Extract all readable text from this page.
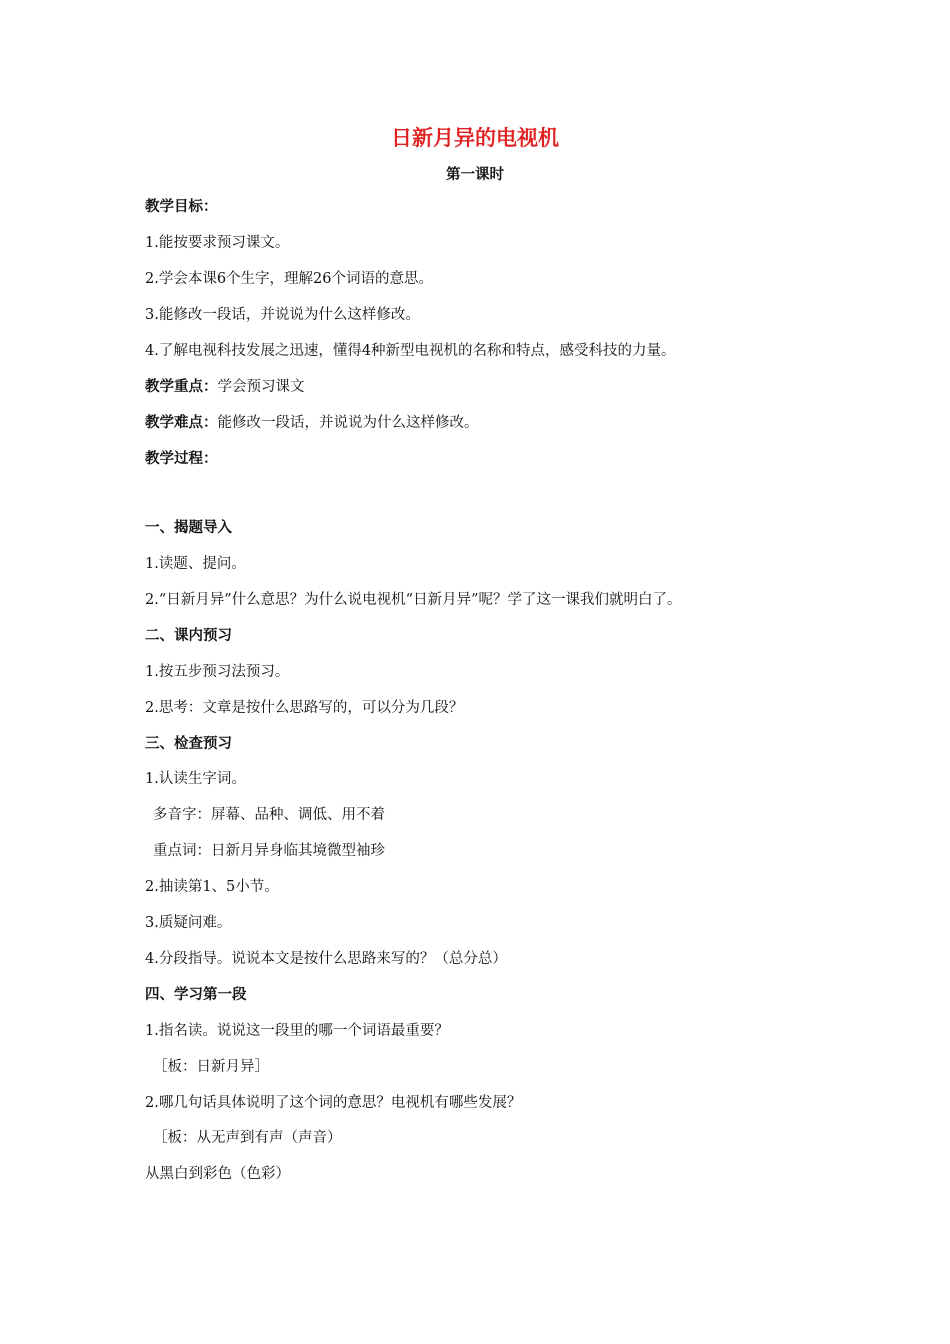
日新月异的电视机
第一课时
教学目标：
1.能按要求预习课文。
2.学会本课6个生字，理解26个词语的意思。
3.能修改一段话，并说说为什么这样修改。
4.了解电视科技发展之迅速，懂得4种新型电视机的名称和特点，感受科技的力量。
教学重点：学会预习课文
教学难点：能修改一段话，并说说为什么这样修改。
教学过程：
一、揭题导入
1.读题、提问。
2.“日新月异”什么意思？为什么说电视机“日新月异”呢？学了这一课我们就明白了。
二、课内预习
1.按五步预习法预习。
2.思考：文章是按什么思路写的，可以分为几段？
三、检查预习
1.认读生字词。
多音字：屏幕、品种、调低、用不着
重点词：日新月异身临其境微型袖珍
2.抽读第1、5小节。
3.质疑问难。
4.分段指导。说说本文是按什么思路来写的？（总分总）
四、学习第一段
1.指名读。说说这一段里的哪一个词语最重要？
［板：日新月异］
2.哪几句话具体说明了这个词的意思？电视机有哪些发展？
［板：从无声到有声（声音）
从黑白到彩色（色彩）
